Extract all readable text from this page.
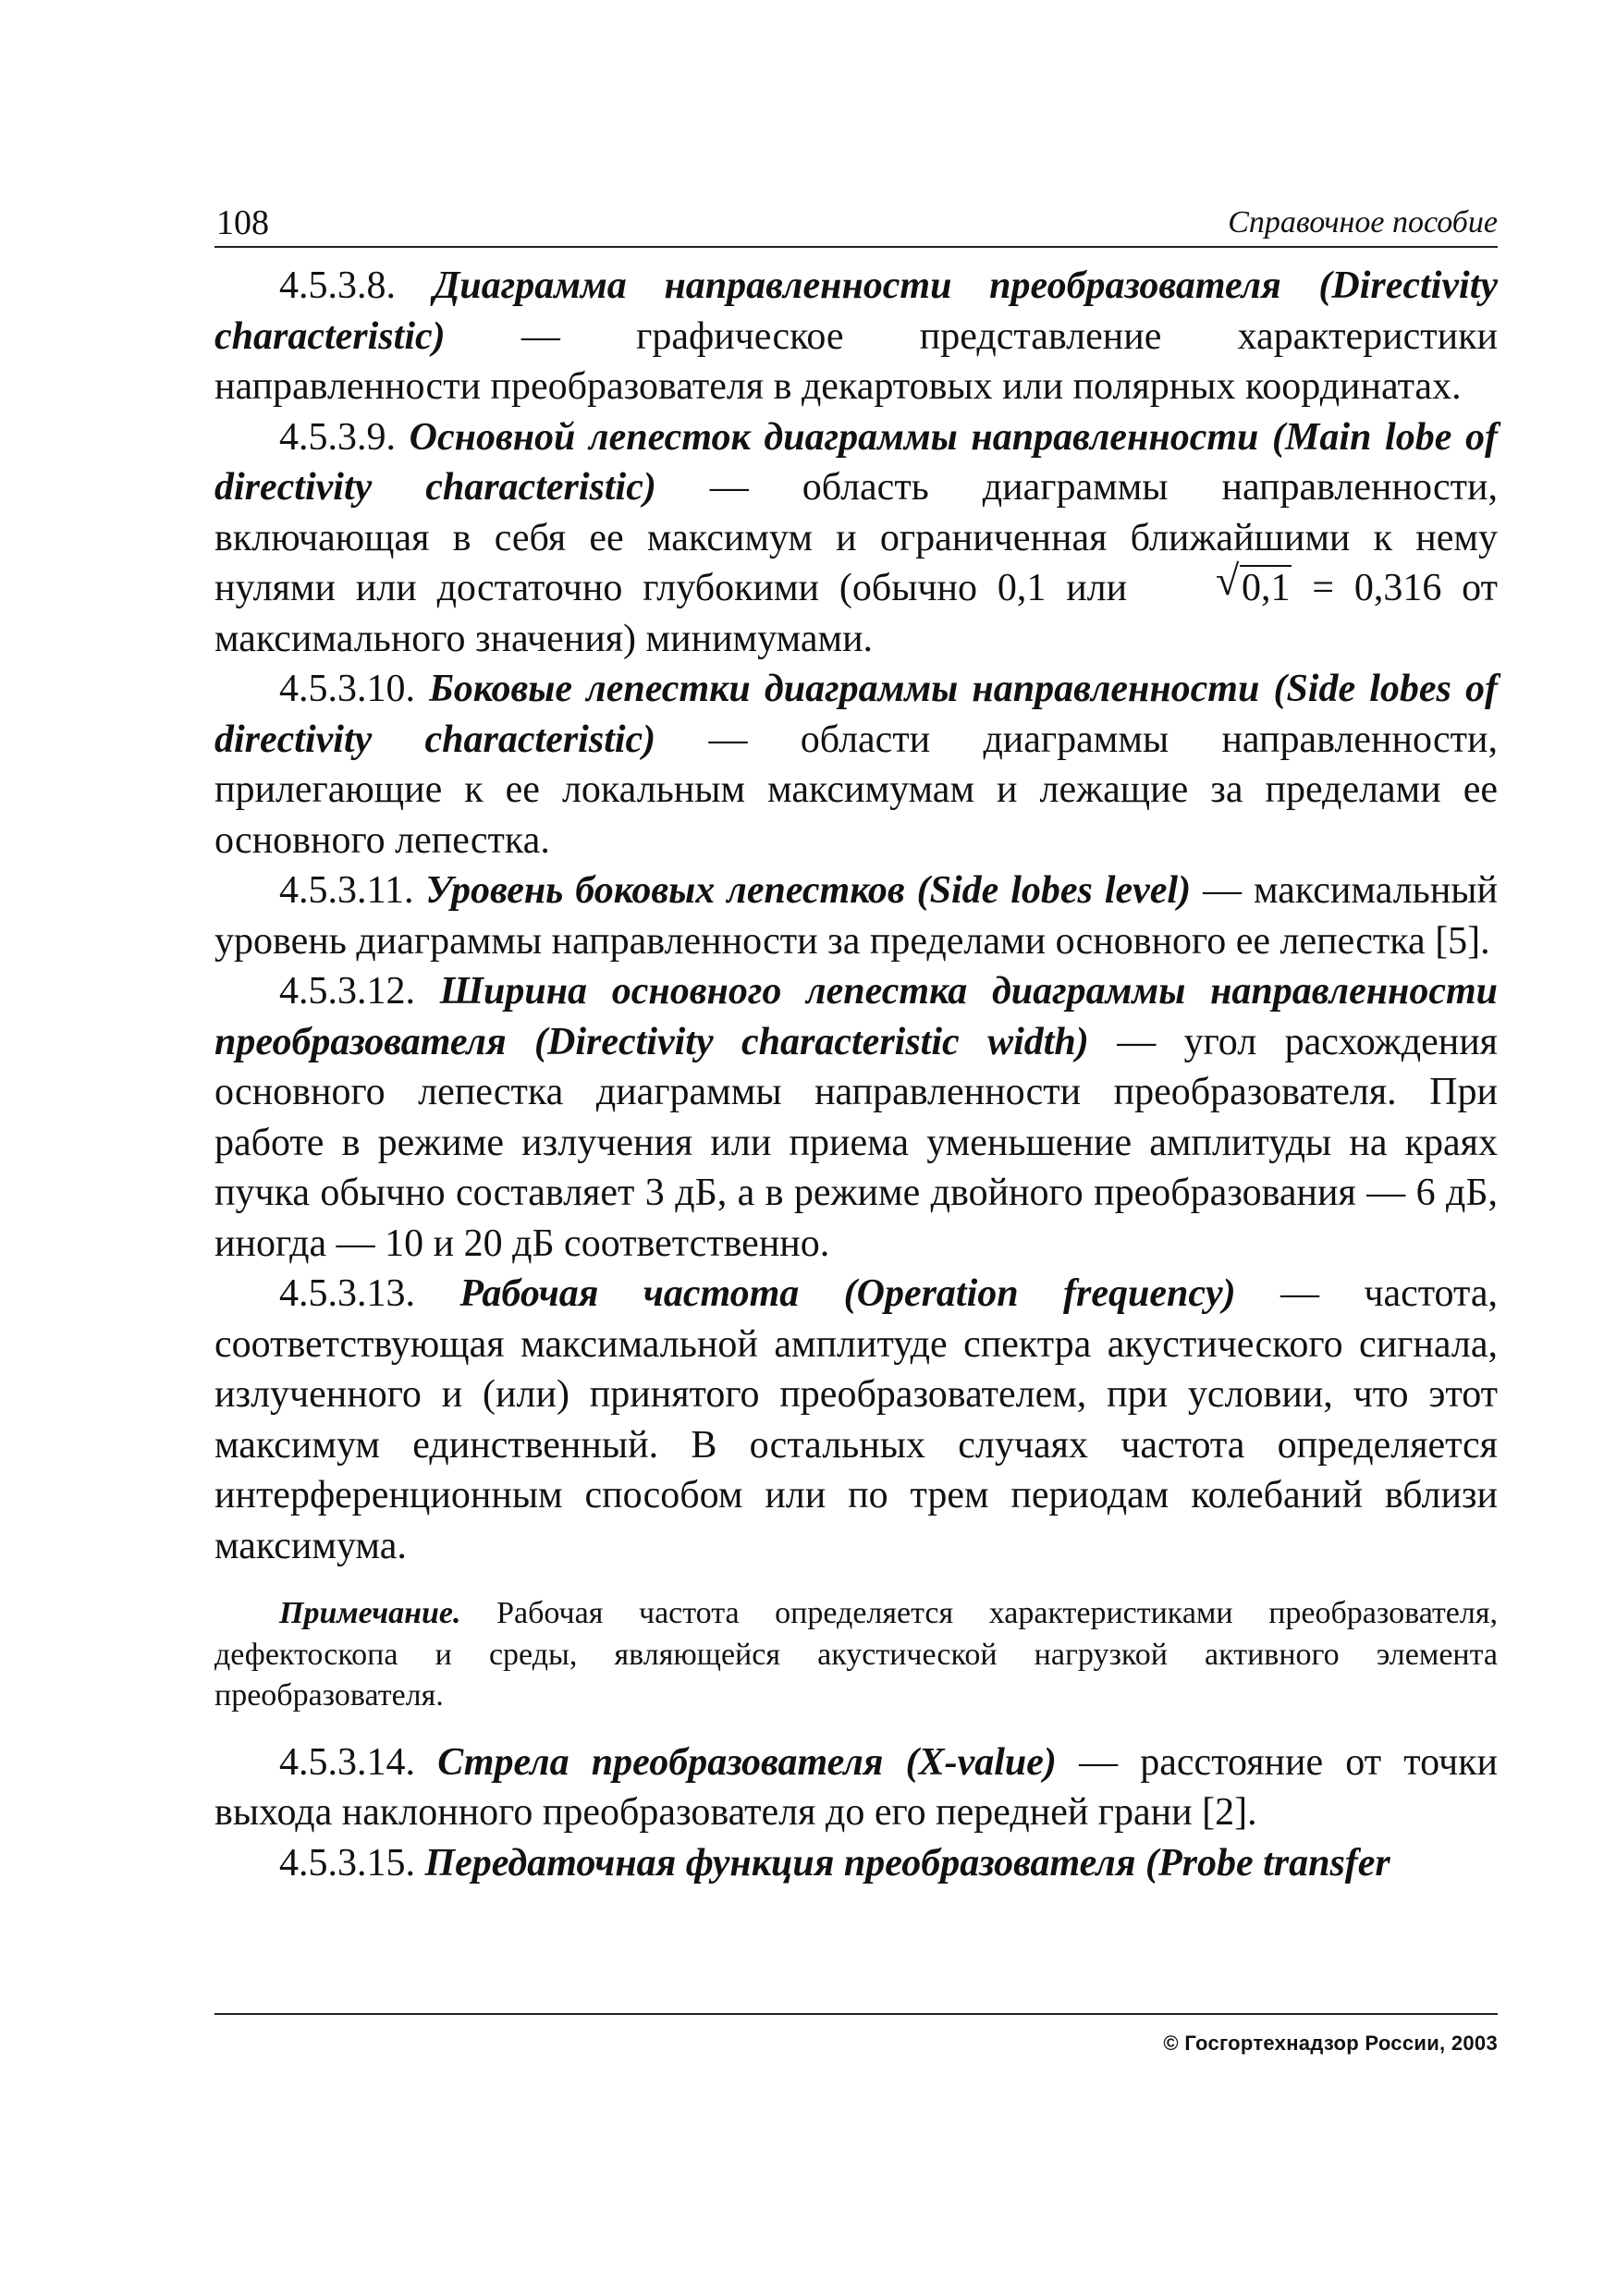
108	Справочное пособие

4.5.3.8. Диаграмма направленности преобразователя (Directivity characteristic) — графическое представление характеристики направленности преобразователя в декартовых или полярных координатах.

4.5.3.9. Основной лепесток диаграммы направленности (Main lobe of directivity characteristic) — область диаграммы направленности, включающая в себя ее максимум и ограниченная ближайшими к нему нулями или достаточно глубокими (обычно 0,1 или	√ 0,1 = 0,316 от максимального значения) минимумами.

4.5.3.10. Боковые лепестки диаграммы направленности (Side lobes of directivity characteristic) — области диаграммы направленности, прилегающие к ее локальным максимумам и лежащие за пределами ее основного лепестка.

4.5.3.11. Уровень боковых лепестков (Side lobes level) — максимальный уровень диаграммы направленности за пределами основного ее лепестка [5].

4.5.3.12. Ширина основного лепестка диаграммы направленности преобразователя (Directivity characteristic width) — угол расхождения основного лепестка диаграммы направленности преобразователя. При работе в режиме излучения или приема уменьшение амплитуды на краях пучка обычно составляет 3 дБ, а в режиме двойного преобразования — 6 дБ, иногда — 10 и 20 дБ соответственно.

4.5.3.13. Рабочая частота (Operation frequency) — частота, соответствующая максимальной амплитуде спектра акустического сигнала, излученного и (или) принятого преобразователем, при условии, что этот максимум единственный. В остальных случаях частота определяется интерференционным способом или по трем периодам колебаний вблизи максимума.

Примечание. Рабочая частота определяется характеристиками преобразователя, дефектоскопа и среды, являющейся акустической нагрузкой активного элемента преобразователя.

4.5.3.14. Стрела преобразователя (X-value) — расстояние от точки выхода наклонного преобразователя до его передней грани [2].

4.5.3.15. Передаточная функция преобразователя (Probe transfer

© Госгортехнадзор России, 2003
